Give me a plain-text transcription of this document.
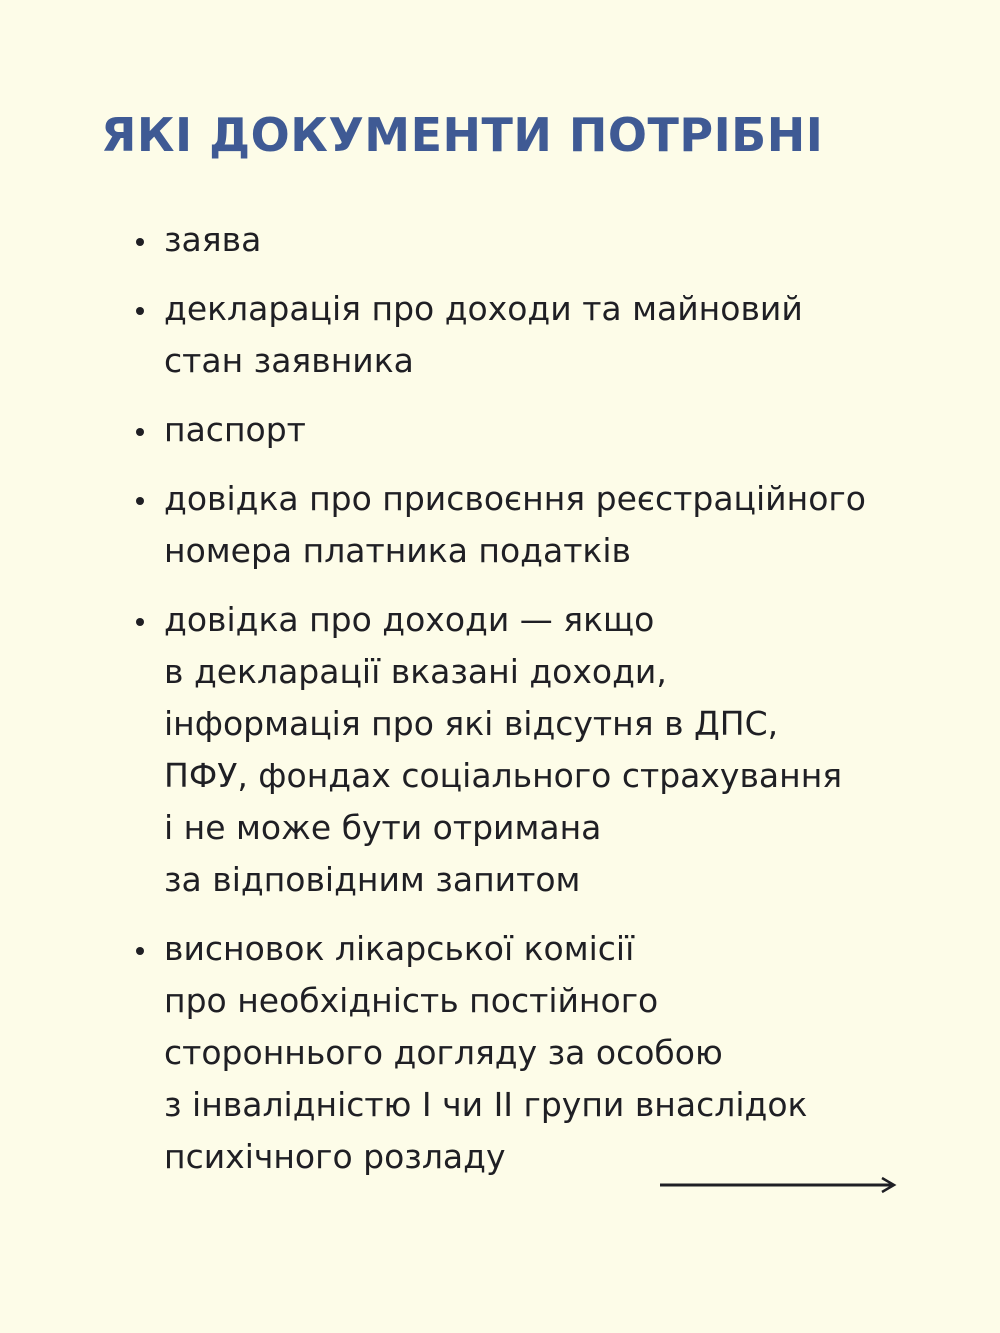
ЯКІ ДОКУМЕНТИ ПОТРІБНІ
заява
декларація про доходи та майновий
стан заявника
паспорт
довідка про присвоєння реєстраційного
номера платника податків
довідка про доходи — якщо
в декларації вказані доходи,
інформація про які відсутня в ДПС,
ПФУ, фондах соціального страхування
і не може бути отримана
за відповідним запитом
висновок лікарської комісії
про необхідність постійного
стороннього догляду за особою
з інвалідністю І чи ІІ групи внаслідок
психічного розладу
